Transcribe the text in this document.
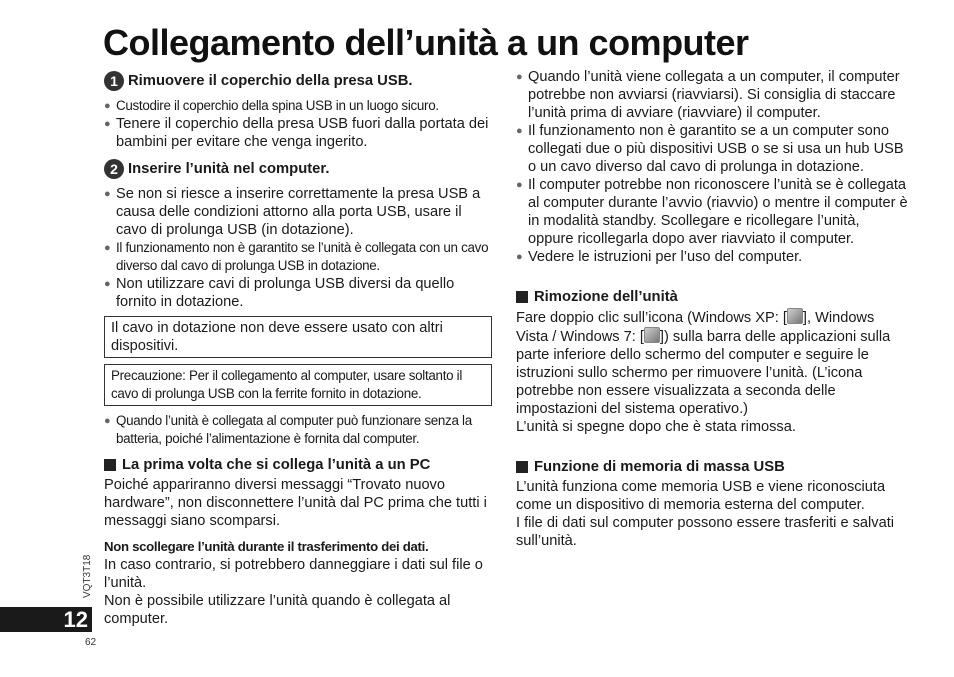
Collegamento dell’unità a un computer
1 Rimuovere il coperchio della presa USB.

● Custodire il coperchio della spina USB in un luogo sicuro.

● Tenere il coperchio della presa USB fuori dalla portata dei bambini per evitare che venga ingerito.

2 Inserire l’unità nel computer.

● Se non si riesce a inserire correttamente la presa USB a causa delle condizioni attorno alla porta USB, usare il cavo di prolunga USB (in dotazione).

● Il funzionamento non è garantito se l’unità è collegata con un cavo diverso dal cavo di prolunga USB in dotazione.

● Non utilizzare cavi di prolunga USB diversi da quello fornito in dotazione.

Il cavo in dotazione non deve essere usato con altri dispositivi.
Precauzione: Per il collegamento al computer, usare soltanto il cavo di prolunga USB con la ferrite fornito in dotazione.

● Quando l’unità è collegata al computer può funzionare senza la batteria, poiché l’alimentazione è fornita dal computer.

La prima volta che si collega l’unità a un PC

Poiché appariranno diversi messaggi “Trovato nuovo hardware”, non disconnettere l’unità dal PC prima che tutti i messaggi siano scomparsi.

Non scollegare l’unità durante il trasferimento dei dati.

In caso contrario, si potrebbero danneggiare i dati sul file o l’unità.

Non è possibile utilizzare l’unità quando è collegata al computer.

● Quando l’unità viene collegata a un computer, il computer potrebbe non avviarsi (riavviarsi). Si consiglia di staccare l’unità prima di avviare (riavviare) il computer.

● Il funzionamento non è garantito se a un computer sono collegati due o più dispositivi USB o se si usa un hub USB o un cavo diverso dal cavo di prolunga in dotazione.

● Il computer potrebbe non riconoscere l’unità se è collegata al computer durante l’avvio (riavvio) o mentre il computer è in modalità standby. Scollegare e ricollegare l’unità, oppure ricollegarla dopo aver riavviato il computer.

● Vedere le istruzioni per l’uso del computer.

Rimozione dell’unità

Fare doppio clic sull’icona (Windows XP: [ ], Windows Vista / Windows 7: [ ]) sulla barra delle applicazioni sulla parte inferiore dello schermo del computer e seguire le istruzioni sullo schermo per rimuovere l’unità. (L’icona potrebbe non essere visualizzata a seconda delle impostazioni del sistema operativo.)

L’unità si spegne dopo che è stata rimossa.

Funzione di memoria di massa USB

L’unità funziona come memoria USB e viene riconosciuta come un dispositivo di memoria esterna del computer.

I file di dati sul computer possono essere trasferiti e salvati sull’unità.

VQT3T18
12
62
